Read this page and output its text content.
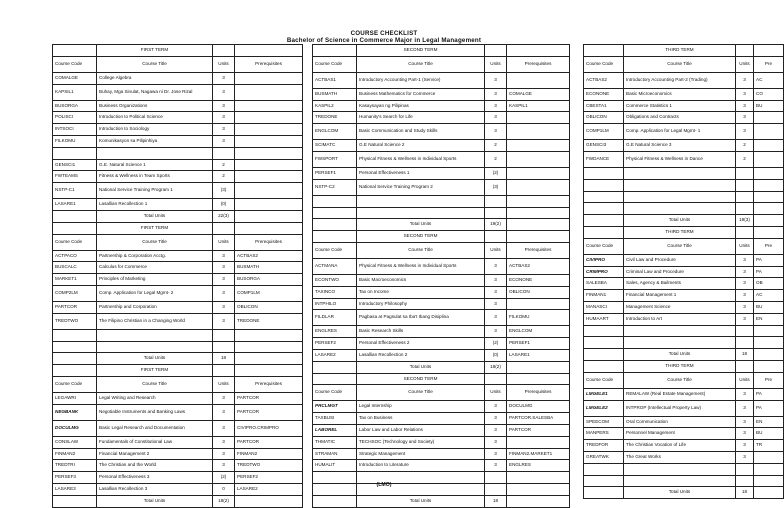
COURSE CHECKLIST
Bachelor of Science in Commerce Major in Legal Management
	FIRST TERM		
Course Code	Course Title	Units	Prerequisites
COMALGE	College Algebra	3	
KAPSIL1	Buhay, Mga Sinulat, Nagawa ni Dr. Jose Rizal	3	
BUSORGA	Business Organizations	3	
POLISCI	Introduction to Political Science	3	
INTSOCI	Introduction to Sociology	3	
FILKOMU	Komunikasyon sa Pilipinhiya	3	

GENSCI1	G.E. Natural Science 1	2	
FWTEAMS	Fitness & Wellness in Team Sports	2	
NSTP-C1	National Service Training Program 1	(3)	
LASARE1	Lasallian Recollection 1	(0)	
	Total Units	22(3)	
	FIRST TERM		
Course Code	Course Title	Units	Prerequisites
ACTPACO	Partnership & Corporation Acctg.	3	ACTBAS2
BUSCALC	Calculus for Commerce	3	BUSMATH
MARKET1	Principles of Marketing	3	BUSORGA
COMP2LM	Comp. Application for Legal Mgmt- 2	3	COMP1LM
PARTCOR	Partnership and Corporation	3	OBLICON
TREDTWO	The Filipino Christian in a Changing World	3	TREDONE

	Total Units	18	
	FIRST TERM		
Course Code	Course Title	Units	Prerequisites
LEGAWRI	Legal Writing and Research	3	PARTCOR
NEGBANK	Negotiable Instruments and Banking Laws	3	PARTCOR
DOCULMG	Basic Legal Research and Documentation	3	CIVIPRO.CRIMPRO
CONSLAW	Fundamentals of Constitutional Law	3	PARTCOR
FINMAN2	Financial Management 2	3	FINMAN2
TREDTRI	The Christian and the World	3	TREDTWO
PERSEF3	Personal Effectiveness 3	(2)	PERSEF2
LASARE3	Lasallian Recollection 3	0	LASARE2
	Total Units	18(2)	
	SECOND TERM		
Course Code	Course Title	Units	Prerequisites
ACTBAS1	Introductory Accounting Part-1 (Service)	3	
BUSMATH	Business Mathematics for Commerce	3	COMALGE
KASPIL2	Kasaysayan ng Pilipinas	3	KASPIL1
TREDONE	Humanity's Search for Life	3	
ENGLCOM	Basic Communication and Study Skills	3	
SCIMATC	G.E Natural Science 2	2	
FWSPORT	Physical Fitness & Wellness in Individual Sports	2	
PERSEF1	Personal Effectiveness 1	(2)	
NSTP-C2	National Service Training Program 2	(3)	

	Total Units	19(2)	
	SECOND TERM		
Course Code	Course Title	Units	Prerequisites
ACTMANA	Physical Fitness & Wellness in Individual Sports	3	ACTBAS2
ECONTWO	Basic Macroeconomics	3	ECONONE
TAXINCO	Tax on Income	3	OBLICON
INTPHILO	Introductory Philosophy	3	
FILDLAR	Pagbasa at Pagsulat sa Iba't Ibang Disiplina	3	FILKOMU
ENGLRES	Basic Research Skills	3	ENGLCOM
PERSEF2	Personal Effectiveness 2	(2)	PERSEF1
LASARE2	Lasallian Recollection 2	(0)	LASARE1
	Total Units	18(2)	
	SECOND TERM		
Course Code	Course Title	Units	Prerequisites
PRCLMGT	Legal Internship	3	DOCULMG
TAXBUSI	Tax on Business	3	PARTCOR.SALESBA
LABOREL	Labor Law and Labor Relations	3	PARTCOR
THMATIC	TECHSOC (Technology and Society)	3	
STRAMAN	Strategic Management	3	FINMAN2.MARKET1
HUMALIT	Introduction to Literature	3	ENGLRES

	Total Units	18	
	THIRD TERM		
Course Code	Course Title	Units	Pre
ACTBAS2	Introductory Accounting Part-2 (Trading)	3	AC
ECONONE	Basic Microeconomics	3	CO
CBESTA1	Commerce Statistics 1	3	BU
OBLICON	Obligations and Contracts	3	
COMP1LM	Comp. Application for Legal Mgmt- 1	3	
GENSCI3	G.E Natural Science 3	2	
FWDANCE	Physical Fitness & Wellness in Dance	2	

	Total Units	19(3)	
	THIRD TERM		
Course Code	Course Title	Units	Pre
CIVIPRO	Civil Law and Procedure	3	PA
CRIMPRO	Criminal Law and Procedure	3	PA
SALESBA	Sales, Agency & Bailments	3	OB
FINMAN1	Financial Management 1	3	AC
MANASCI	Management Science	3	BU
HUMAART	Introduction to Art	3	EN

	Total Units	18	
	THIRD TERM		
Course Code	Course Title	Units	Pre
LMGELE1	REMALAW (Real Estate Management)	3	PA
LMGELE2	INTPROP (Intellectual Property Law)	3	PA
SPEECOM	Oral Communication	3	EN
MANPERS	Personnel Management	3	BU
TREDFOR	The Christian Vocation of Life	3	TR
GREATWK	The Great Works	3	

	Total Units	18	
(LMO)
